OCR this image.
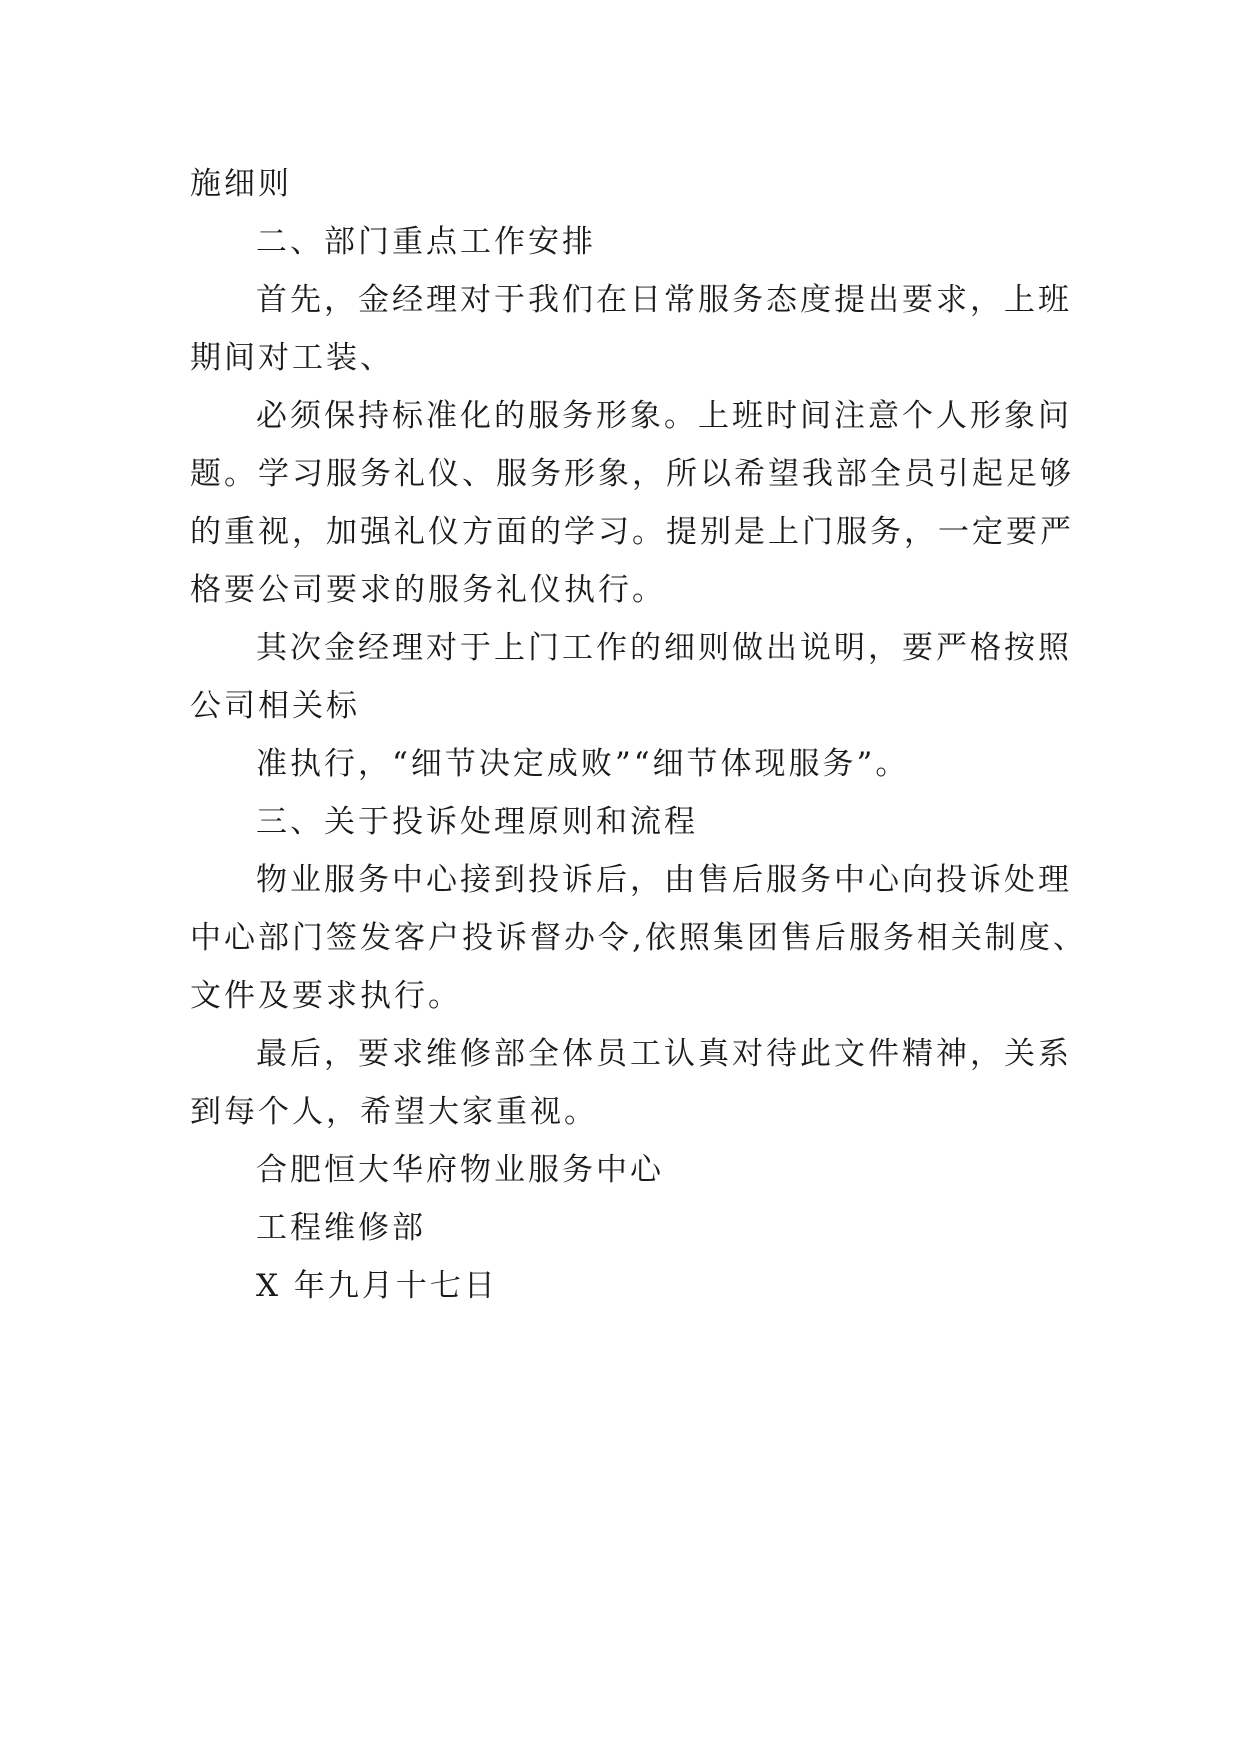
施细则
二、部门重点工作安排
首先，金经理对于我们在日常服务态度提出要求，上班
期间对工装、
必须保持标准化的服务形象。上班时间注意个人形象问
题。学习服务礼仪、服务形象，所以希望我部全员引起足够
的重视，加强礼仪方面的学习。提别是上门服务，一定要严
格要公司要求的服务礼仪执行。
其次金经理对于上门工作的细则做出说明，要严格按照
公司相关标
准执行，“细节决定成败”“细节体现服务”。
三、关于投诉处理原则和流程
物业服务中心接到投诉后，由售后服务中心向投诉处理
中心部门签发客户投诉督办令,依照集团售后服务相关制度、
文件及要求执行。
最后，要求维修部全体员工认真对待此文件精神，关系
到每个人，希望大家重视。
合肥恒大华府物业服务中心
工程维修部
X 年九月十七日
